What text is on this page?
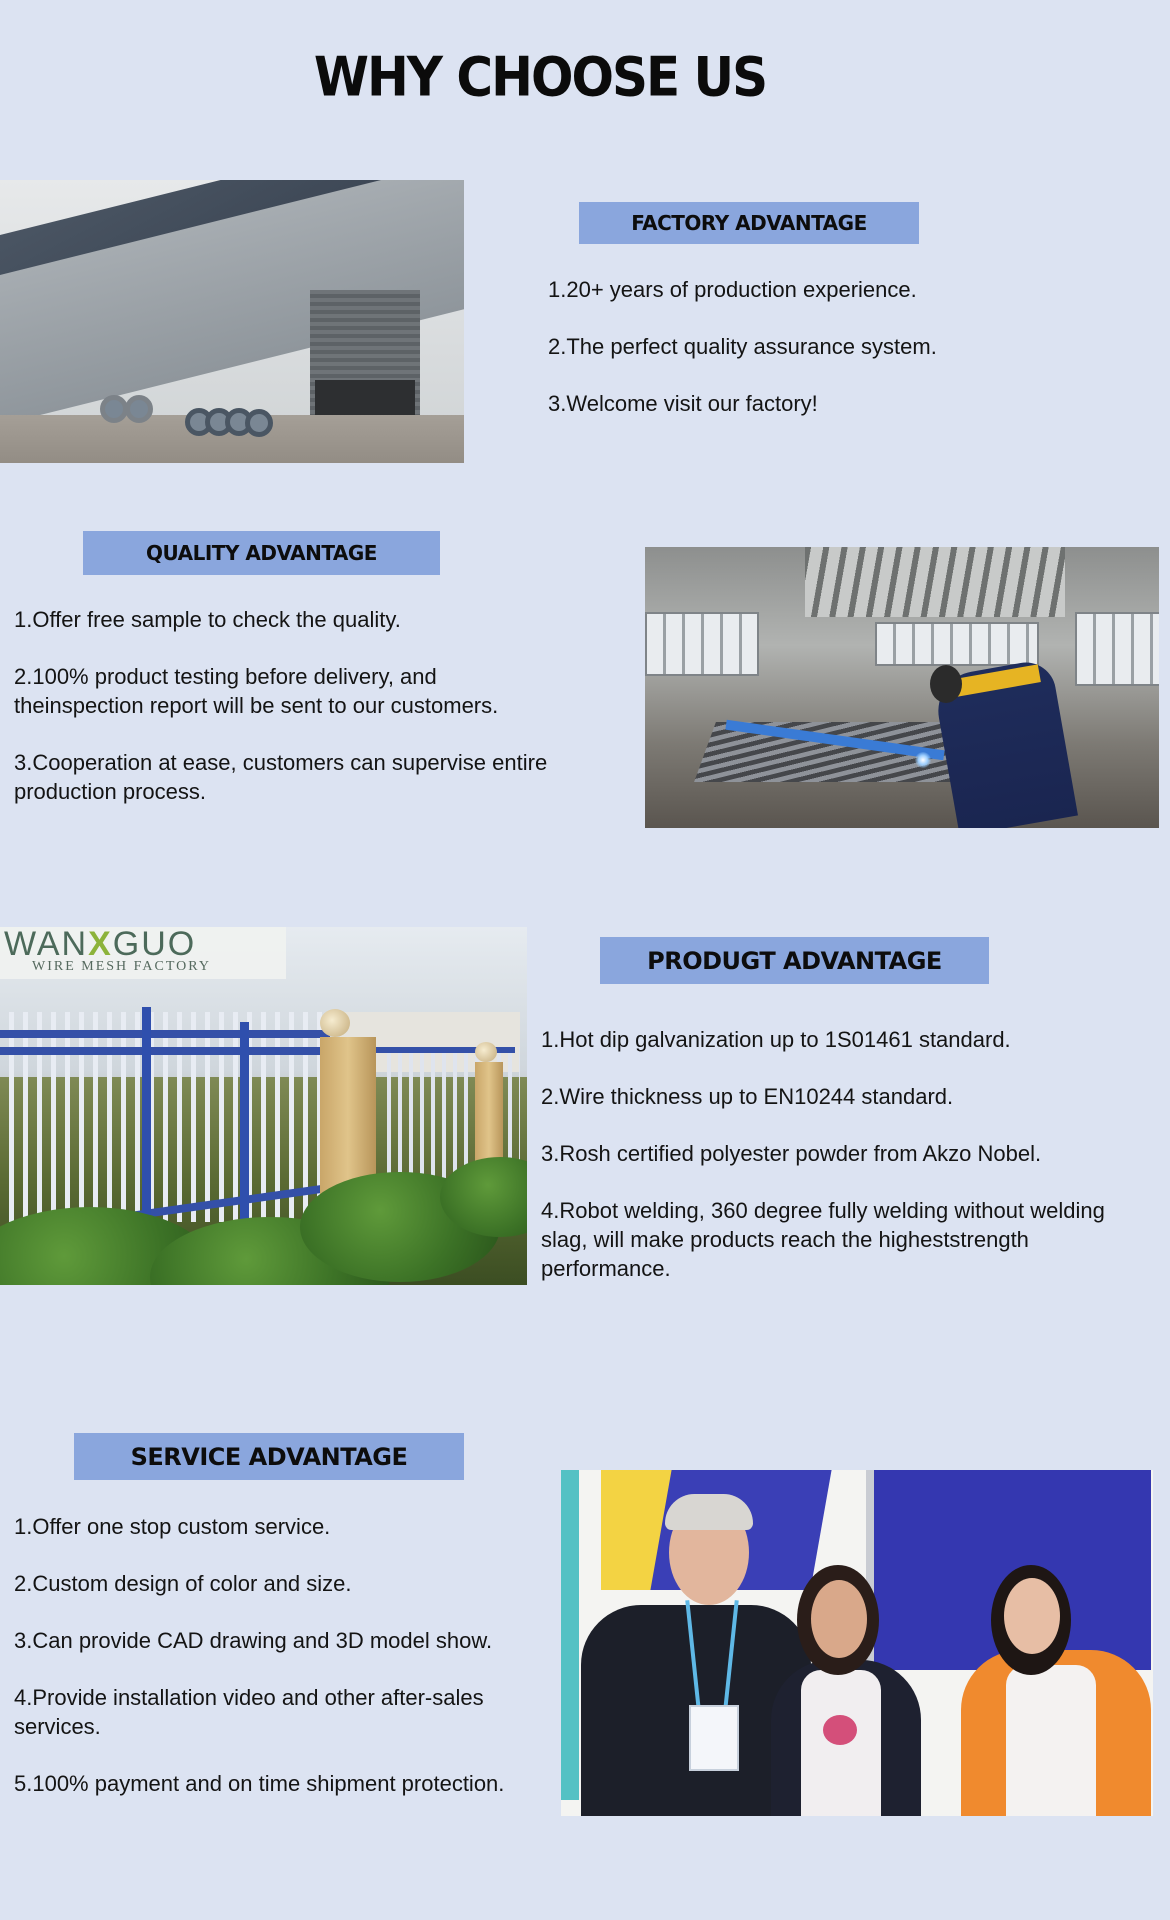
WHY CHOOSE US
FACTORY ADVANTAGE

1.20+ years of production experience.

2.The perfect quality assurance system.

3.Welcome visit our factory!

QUALITY ADVANTAGE

1.Offer free sample to check the quality.

2.100% product testing before delivery, and theinspection report will be sent to our customers.

3.Cooperation at ease, customers can supervise entire production process.

WANXGUO
WIRE MESH FACTORY	PRODUGT ADVANTAGE

1.Hot dip galvanization up to 1S01461 standard.

2.Wire thickness up to EN10244 standard.

3.Rosh certified polyester powder from Akzo Nobel.

4.Robot welding, 360 degree fully welding without welding slag, will make products reach the higheststrength performance.

SERVICE ADVANTAGE

1.Offer one stop custom service.

2.Custom design of color and size.

3.Can provide CAD drawing and 3D model show.

4.Provide installation video and other after-sales services.

5.100% payment and on time shipment protection.
